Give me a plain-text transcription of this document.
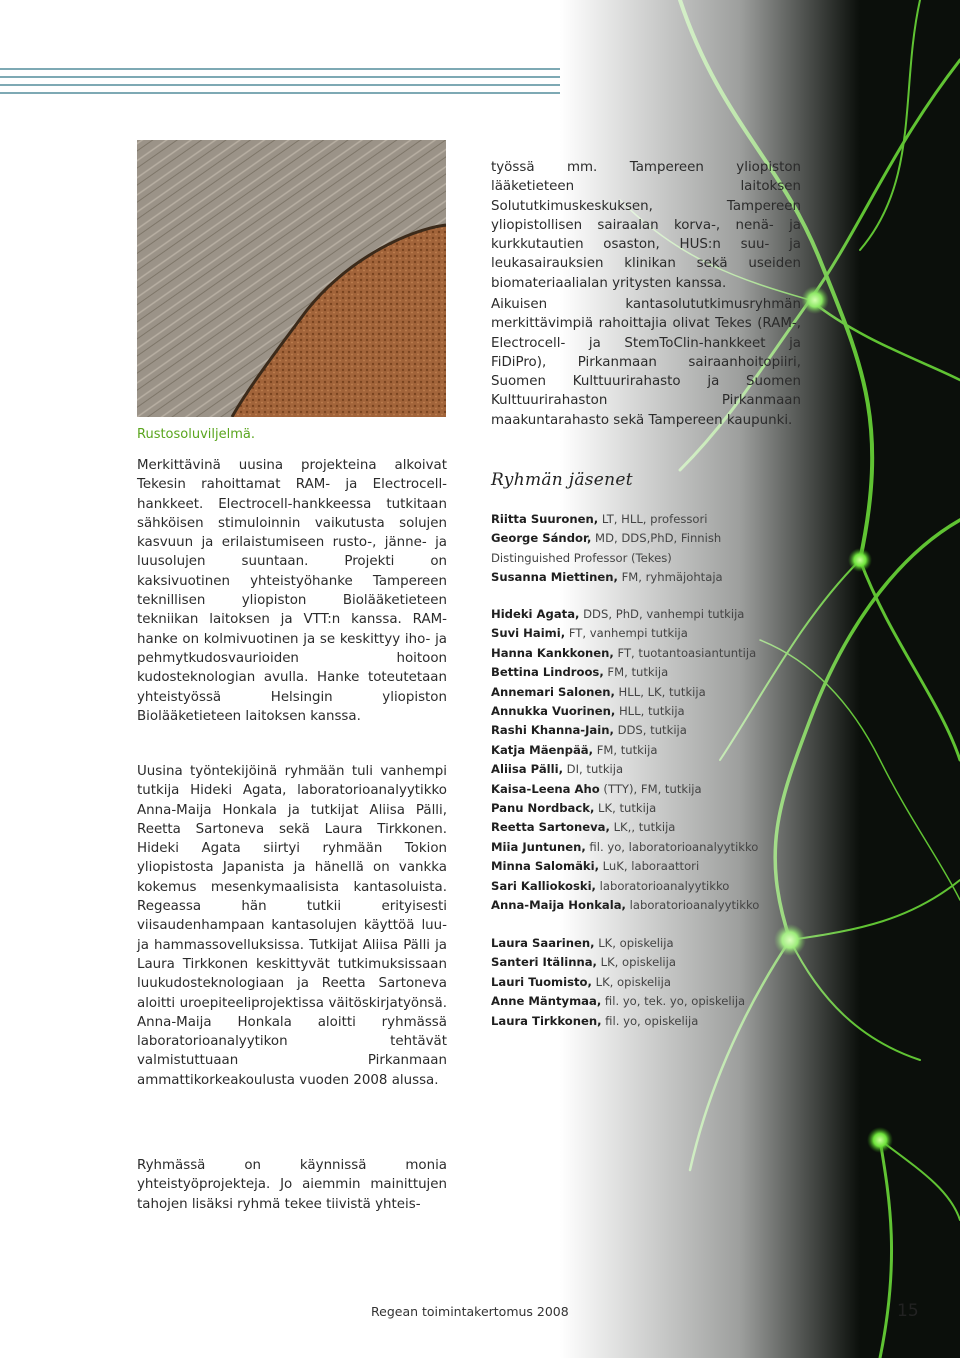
Rustosoluviljelmä.
Merkittävinä uusina projekteina alkoivat Tekesin rahoittamat RAM- ja Electrocell-hankkeet. Electrocell-hankkeessa tutkitaan sähköisen stimuloinnin vaikutusta solujen kasvuun ja erilaistumiseen rusto-, jänne- ja luusolujen suuntaan. Projekti on kaksivuotinen yhteistyöhanke Tampereen teknillisen yliopiston Biolääketieteen tekniikan laitoksen ja VTT:n kanssa. RAM-hanke on kolmivuotinen ja se keskittyy iho- ja pehmytkudosvaurioiden hoitoon kudosteknologian avulla. Hanke toteutetaan yhteistyössä Helsingin yliopiston Biolääketieteen laitoksen kanssa.
Uusina työntekijöinä ryhmään tuli vanhempi tutkija Hideki Agata, laboratorioanalyytikko Anna-Maija Honkala ja tutkijat Aliisa Pälli, Reetta Sartoneva sekä Laura Tirkkonen. Hideki Agata siirtyi ryhmään Tokion yliopistosta Japanista ja hänellä on vankka kokemus mesenkymaalisista kantasoluista. Regeassa hän tutkii erityisesti viisaudenhampaan kantasolujen käyttöä luu- ja hammassovelluksissa. Tutkijat Aliisa Pälli ja Laura Tirkkonen keskittyvät tutkimuksissaan luukudosteknologiaan ja Reetta Sartoneva aloitti uroepiteeliprojektissa väitöskirjatyönsä. Anna-Maija Honkala aloitti ryhmässä laboratorioanalyytikon tehtävät valmistuttuaan Pirkanmaan ammattikorkeakoulusta vuoden 2008 alussa.
Ryhmässä on käynnissä monia yhteistyöprojekteja. Jo aiemmin mainittujen tahojen lisäksi ryhmä tekee tiivistä yhteis-
työssä mm. Tampereen yliopiston lääketieteen laitoksen Solututkimuskeskuksen, Tampereen yliopistollisen sairaalan korva-, nenä- ja kurkkutautien osaston, HUS:n suu- ja leukasairauksien klinikan sekä useiden biomateriaalialan yritysten kanssa.
Aikuisen kantasolututkimusryhmän merkittävimpiä rahoittajia olivat Tekes (RAM-, Electrocell- ja StemToClin-hankkeet ja FiDiPro), Pirkanmaan sairaanhoitopiiri, Suomen Kulttuurirahasto ja Suomen Kulttuurirahaston Pirkanmaan maakuntarahasto sekä Tampereen kaupunki.
Ryhmän jäsenet
Riitta Suuronen, LT, HLL, professori
George Sándor, MD, DDS,PhD, Finnish
Distinguished Professor (Tekes)
Susanna Miettinen, FM, ryhmäjohtaja
Hideki Agata, DDS, PhD, vanhempi tutkija
Suvi Haimi, FT, vanhempi tutkija
Hanna Kankkonen, FT, tuotantoasiantuntija
Bettina Lindroos, FM, tutkija
Annemari Salonen, HLL, LK, tutkija
Annukka Vuorinen, HLL, tutkija
Rashi Khanna-Jain, DDS, tutkija
Katja Mäenpää, FM, tutkija
Aliisa Pälli, DI, tutkija
Kaisa-Leena Aho (TTY), FM, tutkija
Panu Nordback, LK, tutkija
Reetta Sartoneva, LK,, tutkija
Miia Juntunen, fil. yo, laboratorioanalyytikko
Minna Salomäki, LuK, laboraattori
Sari Kalliokoski, laboratorioanalyytikko
Anna-Maija Honkala, laboratorioanalyytikko
Laura Saarinen, LK, opiskelija
Santeri Itälinna, LK, opiskelija
Lauri Tuomisto, LK, opiskelija
Anne Mäntymaa, fil. yo, tek. yo, opiskelija
Laura Tirkkonen, fil. yo, opiskelija
Regean toimintakertomus 2008	15
